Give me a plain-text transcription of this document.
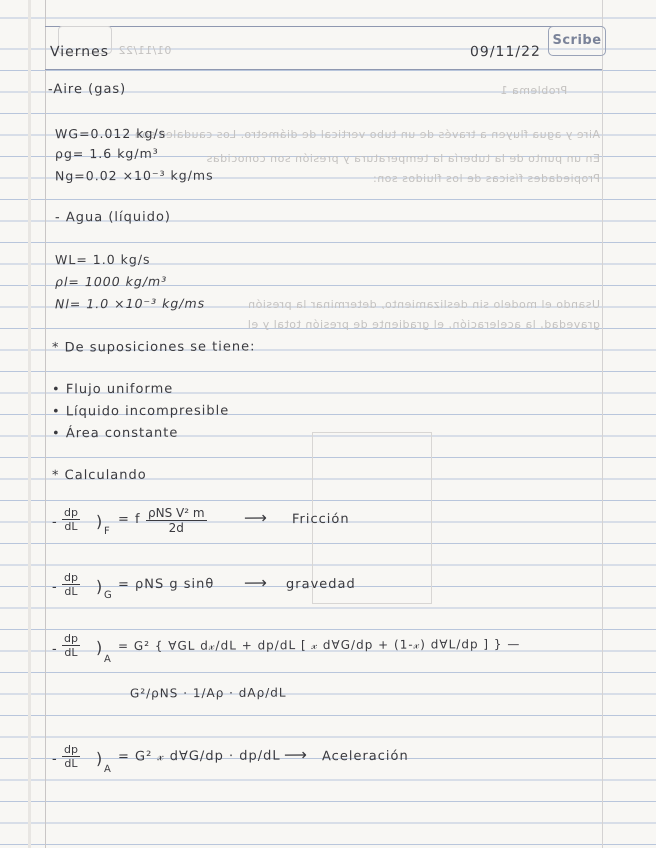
01/11/22
Problema 1
Aire y agua fluyen a través de un tubo vertical de diámetro. Los caudales son
En un punto de la tubería la temperatura y presión son conocidas
Propiedades físicas de los fluidos son:
Usando el modelo sin deslizamiento, determinar la presión
gravedad, la aceleración, el gradiente de presión total y el
Viernes	09/11/22
Scribe
-Aire (gas)
WG=0.012 kg/s
ρg= 1.6 kg/m³
Ng=0.02 ×10⁻³ kg/ms
- Agua (líquido)
WL= 1.0 kg/s
ρl= 1000 kg/m³
Nl= 1.0 ×10⁻³ kg/ms
* De suposiciones se tiene:
• Flujo uniforme
• Líquido incompresible
• Área constante
* Calculando
- $\frac{dp}{dL}$ )
F
= f ρNS V² m
2d
⟶ Fricción
- $\frac{dp}{dL}$ ) G
= ρNS g sinθ ⟶ gravedad
- $\frac{dp}{dL}$ )
A
= G² { ∀GL d𝓍/dL + dp/dL [ 𝓍 d∀G/dp + (1-𝓍) d∀L/dp ] } —
G²/ρNS · 1/Aρ · dAρ/dL
- $\frac{dp}{dL}$ )
A
= G² 𝓍 d∀G/dp · dp/dL ⟶ Aceleración
